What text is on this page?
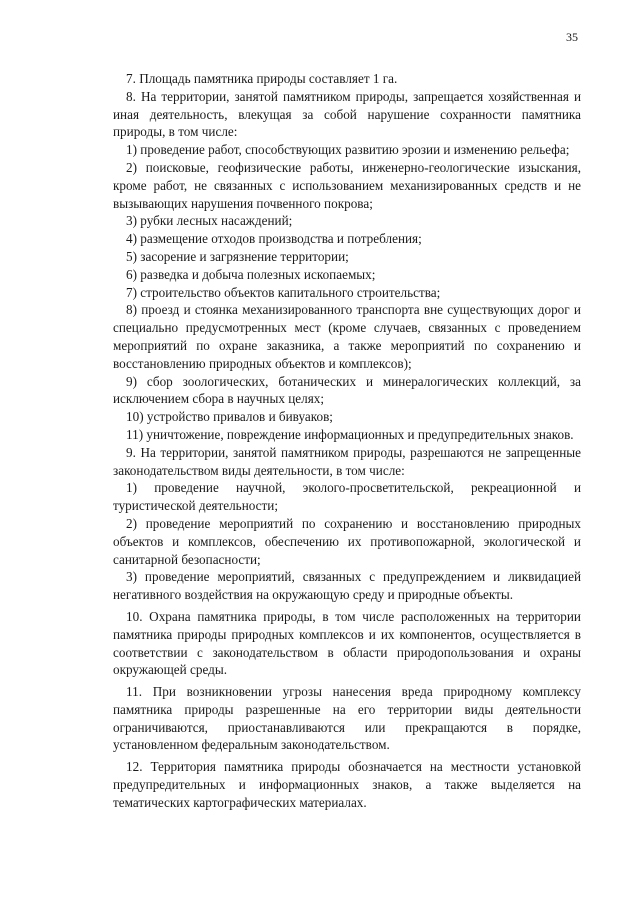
35

7. Площадь памятника природы составляет 1 га.

8. На территории, занятой памятником природы, запрещается хозяйственная и иная деятельность, влекущая за собой нарушение сохранности памятника природы, в том числе:

1) проведение работ, способствующих развитию эрозии и изменению рельефа;

2) поисковые, геофизические работы, инженерно-геологические изыскания, кроме работ, не связанных с использованием механизированных средств и не вызывающих нарушения почвенного покрова;

3) рубки лесных насаждений;

4) размещение отходов производства и потребления;

5) засорение и загрязнение территории;

6) разведка и добыча полезных ископаемых;

7) строительство объектов капитального строительства;

8) проезд и стоянка механизированного транспорта вне существующих дорог и специально предусмотренных мест (кроме случаев, связанных с проведением мероприятий по охране заказника, а также мероприятий по сохранению и восстановлению природных объектов и комплексов);

9) сбор зоологических, ботанических и минералогических коллекций, за исключением сбора в научных целях;

10) устройство привалов и бивуаков;

11) уничтожение, повреждение информационных и предупредительных знаков.

9. На территории, занятой памятником природы, разрешаются не запрещенные законодательством виды деятельности, в том числе:

1) проведение научной, эколого-просветительской, рекреационной и туристической деятельности;

2) проведение мероприятий по сохранению и восстановлению природных объектов и комплексов, обеспечению их противопожарной, экологической и санитарной безопасности;

3) проведение мероприятий, связанных с предупреждением и ликвидацией негативного воздействия на окружающую среду и природные объекты.

10. Охрана памятника природы, в том числе расположенных на территории памятника природы природных комплексов и их компонентов, осуществляется в соответствии с законодательством в области природопользования и охраны окружающей среды.

11. При возникновении угрозы нанесения вреда природному комплексу памятника природы разрешенные на его территории виды деятельности ограничиваются, приостанавливаются или прекращаются в порядке, установленном федеральным законодательством.

12. Территория памятника природы обозначается на местности установкой предупредительных и информационных знаков, а также выделяется на тематических картографических материалах.
